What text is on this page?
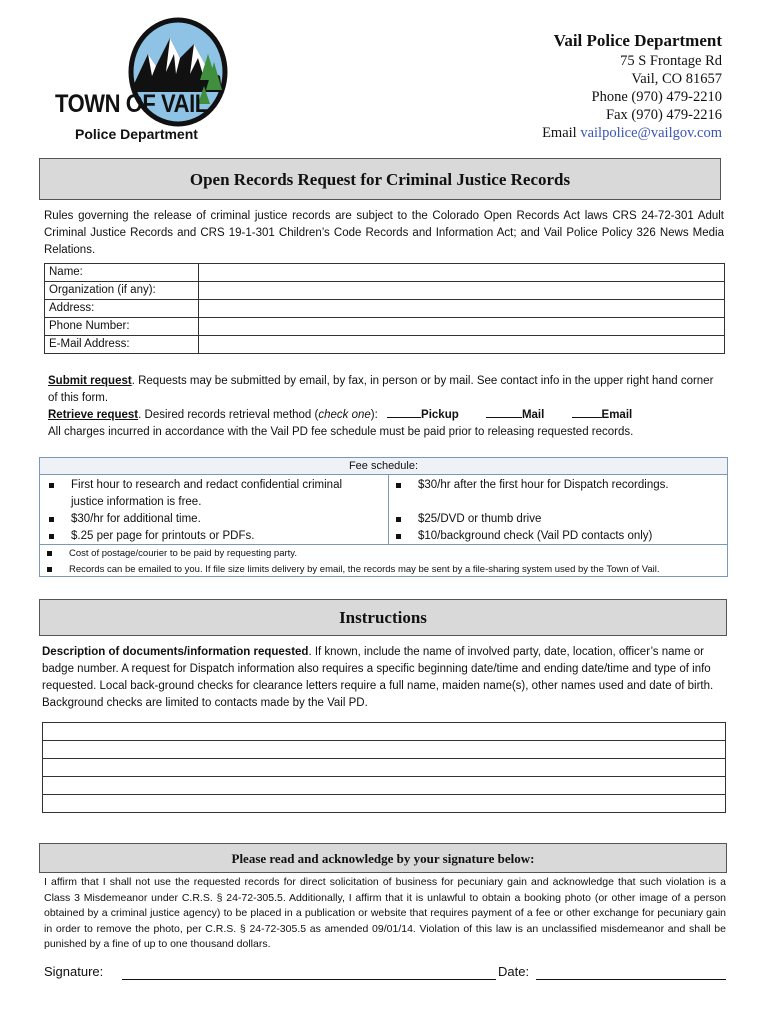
TOWN OF VAIL
Police Department
Vail Police Department
75 S Frontage Rd
Vail, CO 81657
Phone (970) 479-2210
Fax (970) 479-2216
Email vailpolice@vailgov.com
Open Records Request for Criminal Justice Records
Rules governing the release of criminal justice records are subject to the Colorado Open Records Act laws CRS 24-72-301 Adult Criminal Justice Records and CRS 19-1-301 Children’s Code Records and Information Act; and Vail Police Policy 326 News Media Relations.
Name:	
Organization (if any):	
Address:	
Phone Number:	
E-Mail Address:	
Submit request. Requests may be submitted by email, by fax, in person or by mail. See contact info in the upper right hand corner of this form.
Retrieve request. Desired records retrieval method (check one):	Pickup	Mail	Email
All charges incurred in accordance with the Vail PD fee schedule must be paid prior to releasing requested records.
Fee schedule:
First hour to research and redact confidential criminal justice information is free.
$30/hr for additional time.
$.25 per page for printouts or PDFs.
$30/hr after the first hour for Dispatch recordings.
$25/DVD or thumb drive
$10/background check (Vail PD contacts only)
Cost of postage/courier to be paid by requesting party.
Records can be emailed to you. If file size limits delivery by email, the records may be sent by a file-sharing system used by the Town of Vail.
Instructions
Description of documents/information requested. If known, include the name of involved party, date, location, officer’s name or badge number. A request for Dispatch information also requires a specific beginning date/time and ending date/time and type of info requested. Local back-ground checks for clearance letters require a full name, maiden name(s), other names used and date of birth. Background checks are limited to contacts made by the Vail PD.

Please read and acknowledge by your signature below:
I affirm that I shall not use the requested records for direct solicitation of business for pecuniary gain and acknowledge that such violation is a Class 3 Misdemeanor under C.R.S. § 24-72-305.5. Additionally, I affirm that it is unlawful to obtain a booking photo (or other image of a person obtained by a criminal justice agency) to be placed in a publication or website that requires payment of a fee or other exchange for pecuniary gain in order to remove the photo, per C.R.S. § 24-72-305.5 as amended 09/01/14. Violation of this law is an unclassified misdemeanor and shall be punished by a fine of up to one thousand dollars.
Signature:	Date:
